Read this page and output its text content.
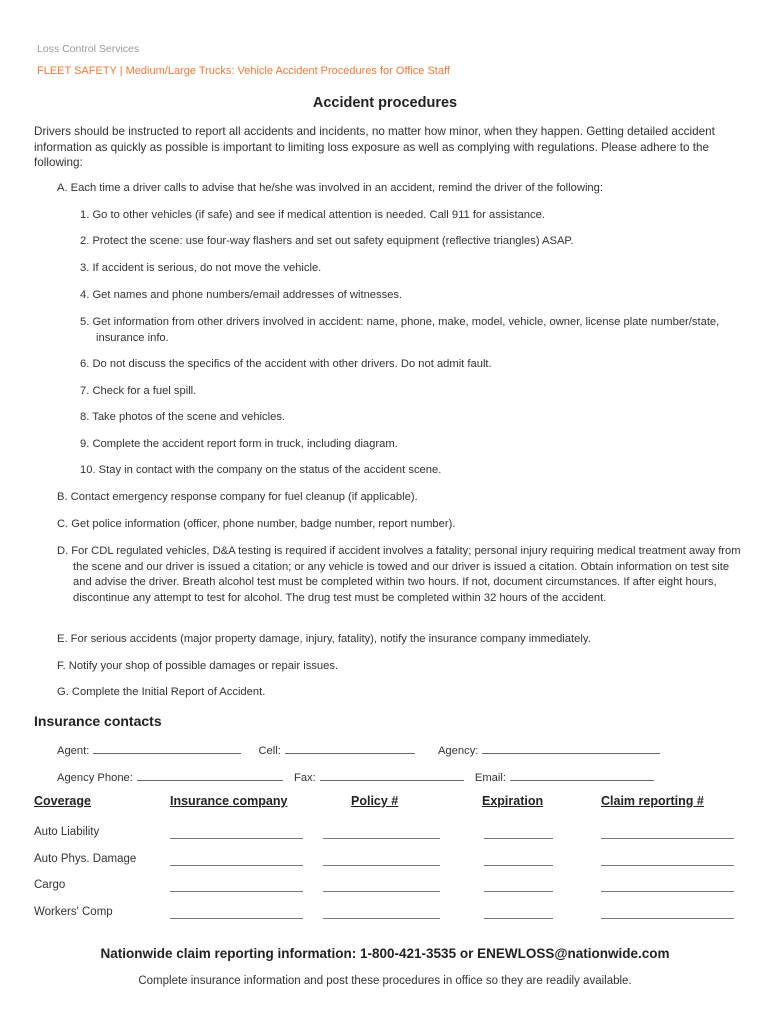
Loss Control Services
FLEET SAFETY | Medium/Large Trucks: Vehicle Accident Procedures for Office Staff
Accident procedures
Drivers should be instructed to report all accidents and incidents, no matter how minor, when they happen. Getting detailed accident information as quickly as possible is important to limiting loss exposure as well as complying with regulations. Please adhere to the following:
A. Each time a driver calls to advise that he/she was involved in an accident, remind the driver of the following:
1. Go to other vehicles (if safe) and see if medical attention is needed. Call 911 for assistance.
2. Protect the scene: use four-way flashers and set out safety equipment (reflective triangles) ASAP.
3. If accident is serious, do not move the vehicle.
4. Get names and phone numbers/email addresses of witnesses.
5. Get information from other drivers involved in accident: name, phone, make, model, vehicle, owner, license plate number/state, insurance info.
6. Do not discuss the specifics of the accident with other drivers. Do not admit fault.
7. Check for a fuel spill.
8. Take photos of the scene and vehicles.
9. Complete the accident report form in truck, including diagram.
10. Stay in contact with the company on the status of the accident scene.
B. Contact emergency response company for fuel cleanup (if applicable).
C. Get police information (officer, phone number, badge number, report number).
D. For CDL regulated vehicles, D&A testing is required if accident involves a fatality; personal injury requiring medical treatment away from the scene and our driver is issued a citation; or any vehicle is towed and our driver is issued a citation. Obtain information on test site and advise the driver. Breath alcohol test must be completed within two hours. If not, document circumstances. If after eight hours, discontinue any attempt to test for alcohol. The drug test must be completed within 32 hours of the accident.
E. For serious accidents (major property damage, injury, fatality), notify the insurance company immediately.
F. Notify your shop of possible damages or repair issues.
G. Complete the Initial Report of Accident.
Insurance contacts
Agent:	Cell:	Agency:
Agency Phone:	Fax:	Email:
Coverage	Insurance company	Policy #	Expiration	Claim reporting #
Auto Liability
Auto Phys. Damage
Cargo
Workers' Comp
Nationwide claim reporting information: 1-800-421-3535 or ENEWLOSS@nationwide.com
Complete insurance information and post these procedures in office so they are readily available.
